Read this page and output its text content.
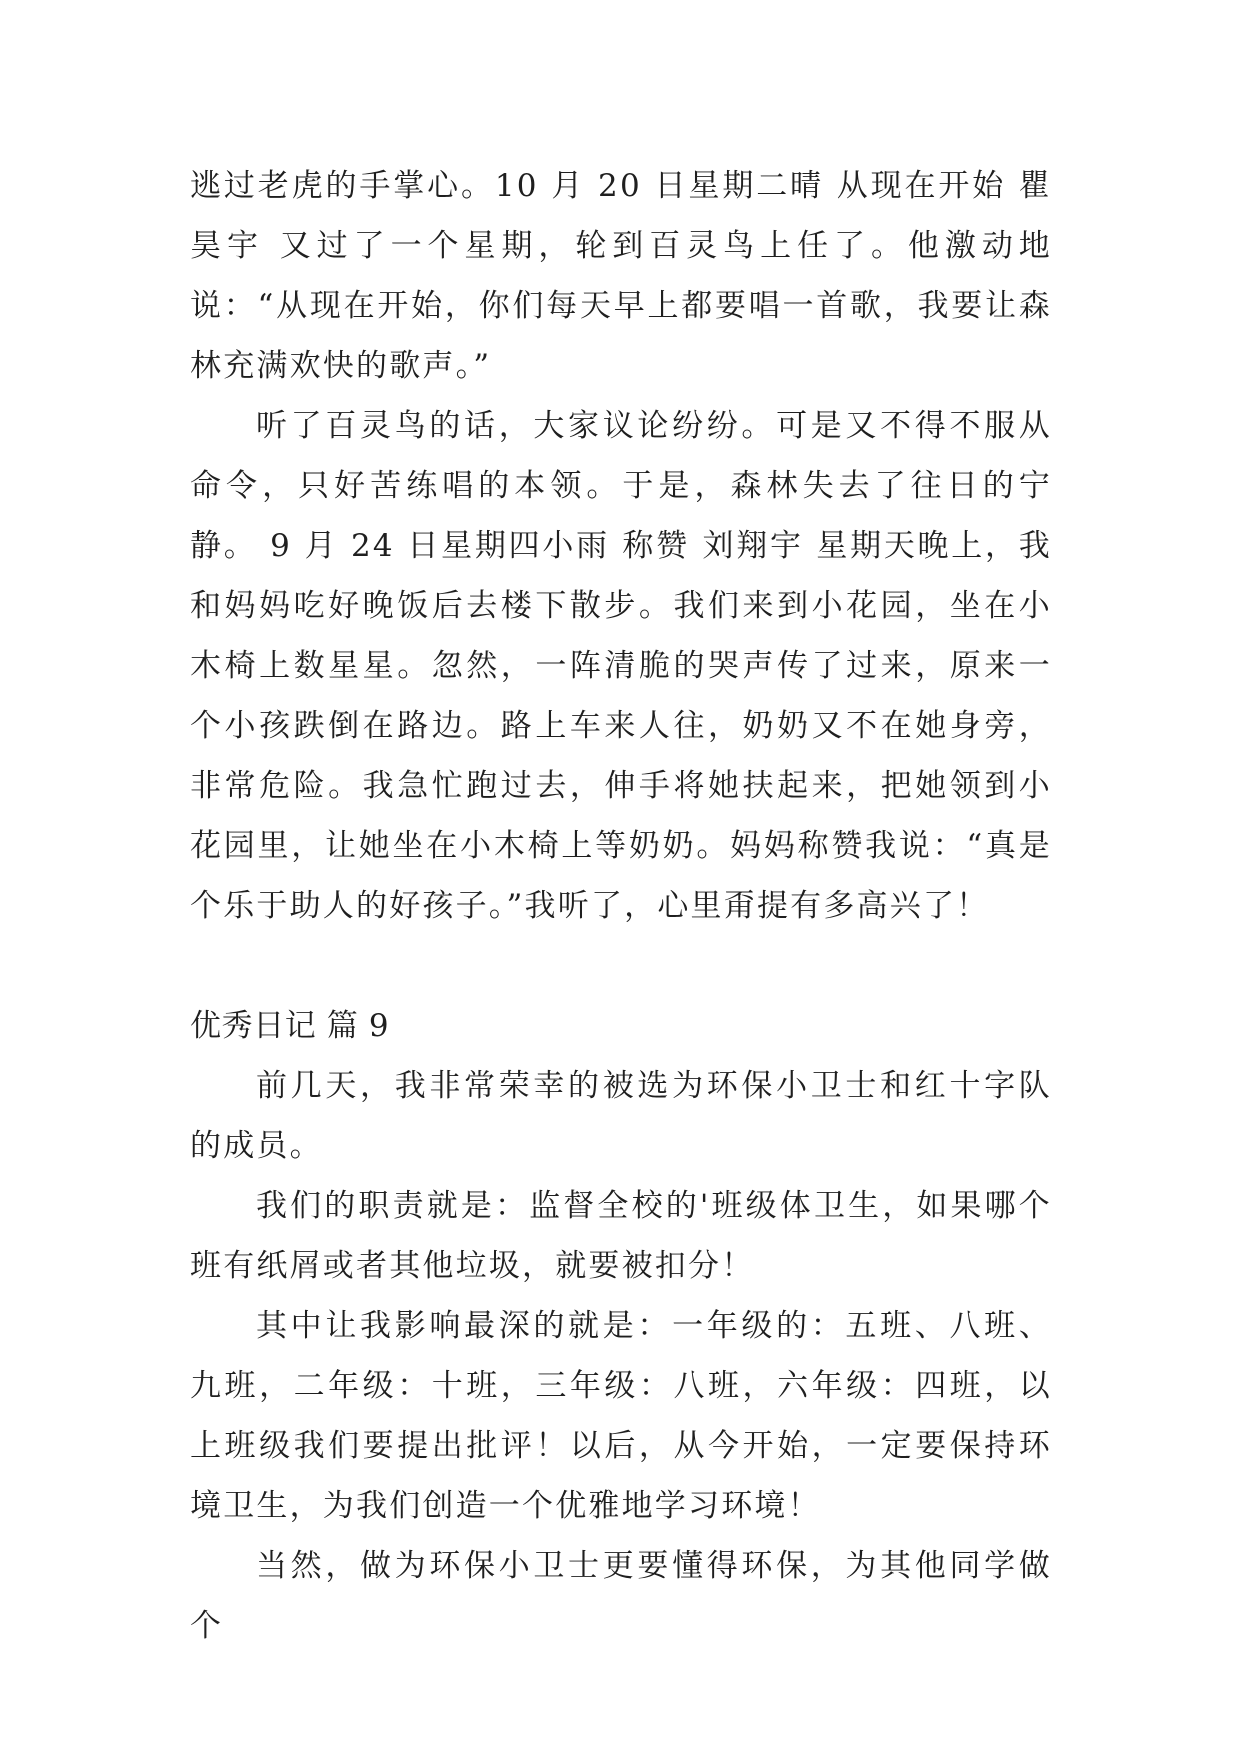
逃过老虎的手掌心。10 月 20 日星期二晴 从现在开始 瞿昊宇 又过了一个星期，轮到百灵鸟上任了。他激动地说：“从现在开始，你们每天早上都要唱一首歌，我要让森林充满欢快的歌声。”

听了百灵鸟的话，大家议论纷纷。可是又不得不服从命令，只好苦练唱的本领。于是，森林失去了往日的宁静。 9 月 24 日星期四小雨 称赞 刘翔宇 星期天晚上，我和妈妈吃好晚饭后去楼下散步。我们来到小花园，坐在小木椅上数星星。忽然，一阵清脆的哭声传了过来，原来一个小孩跌倒在路边。路上车来人往，奶奶又不在她身旁，非常危险。我急忙跑过去，伸手将她扶起来，把她领到小花园里，让她坐在小木椅上等奶奶。妈妈称赞我说：“真是个乐于助人的好孩子。”我听了，心里甭提有多高兴了！

优秀日记 篇 9

前几天，我非常荣幸的被选为环保小卫士和红十字队的成员。

我们的职责就是：监督全校的'班级体卫生，如果哪个班有纸屑或者其他垃圾，就要被扣分！

其中让我影响最深的就是：一年级的：五班、八班、九班，二年级：十班，三年级：八班，六年级：四班，以上班级我们要提出批评！以后，从今开始，一定要保持环境卫生，为我们创造一个优雅地学习环境！

当然，做为环保小卫士更要懂得环保，为其他同学做个
